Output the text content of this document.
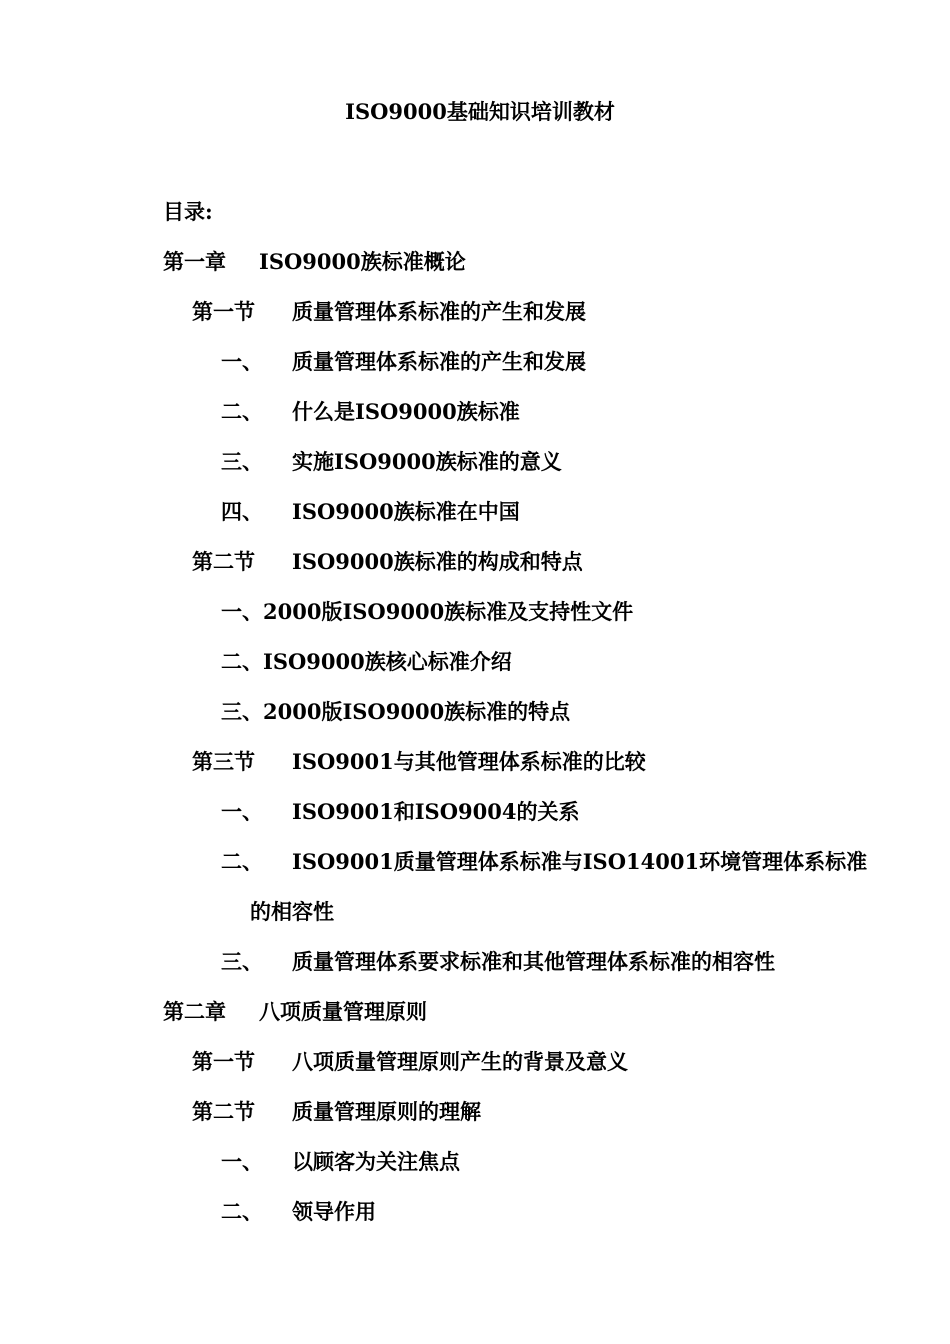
ISO9000基础知识培训教材
目录:
第一章 ISO9000族标准概论
第一节 质量管理体系标准的产生和发展
一、 质量管理体系标准的产生和发展
二、 什么是ISO9000族标准
三、 实施ISO9000族标准的意义
四、 ISO9000族标准在中国
第二节 ISO9000族标准的构成和特点
一、2000版ISO9000族标准及支持性文件
二、ISO9000族核心标准介绍
三、2000版ISO9000族标准的特点
第三节 ISO9001与其他管理体系标准的比较
一、 ISO9001和ISO9004的关系
二、 ISO9001质量管理体系标准与ISO14001环境管理体系标准
的相容性
三、 质量管理体系要求标准和其他管理体系标准的相容性
第二章 八项质量管理原则
第一节 八项质量管理原则产生的背景及意义
第二节 质量管理原则的理解
一、 以顾客为关注焦点
二、 领导作用
